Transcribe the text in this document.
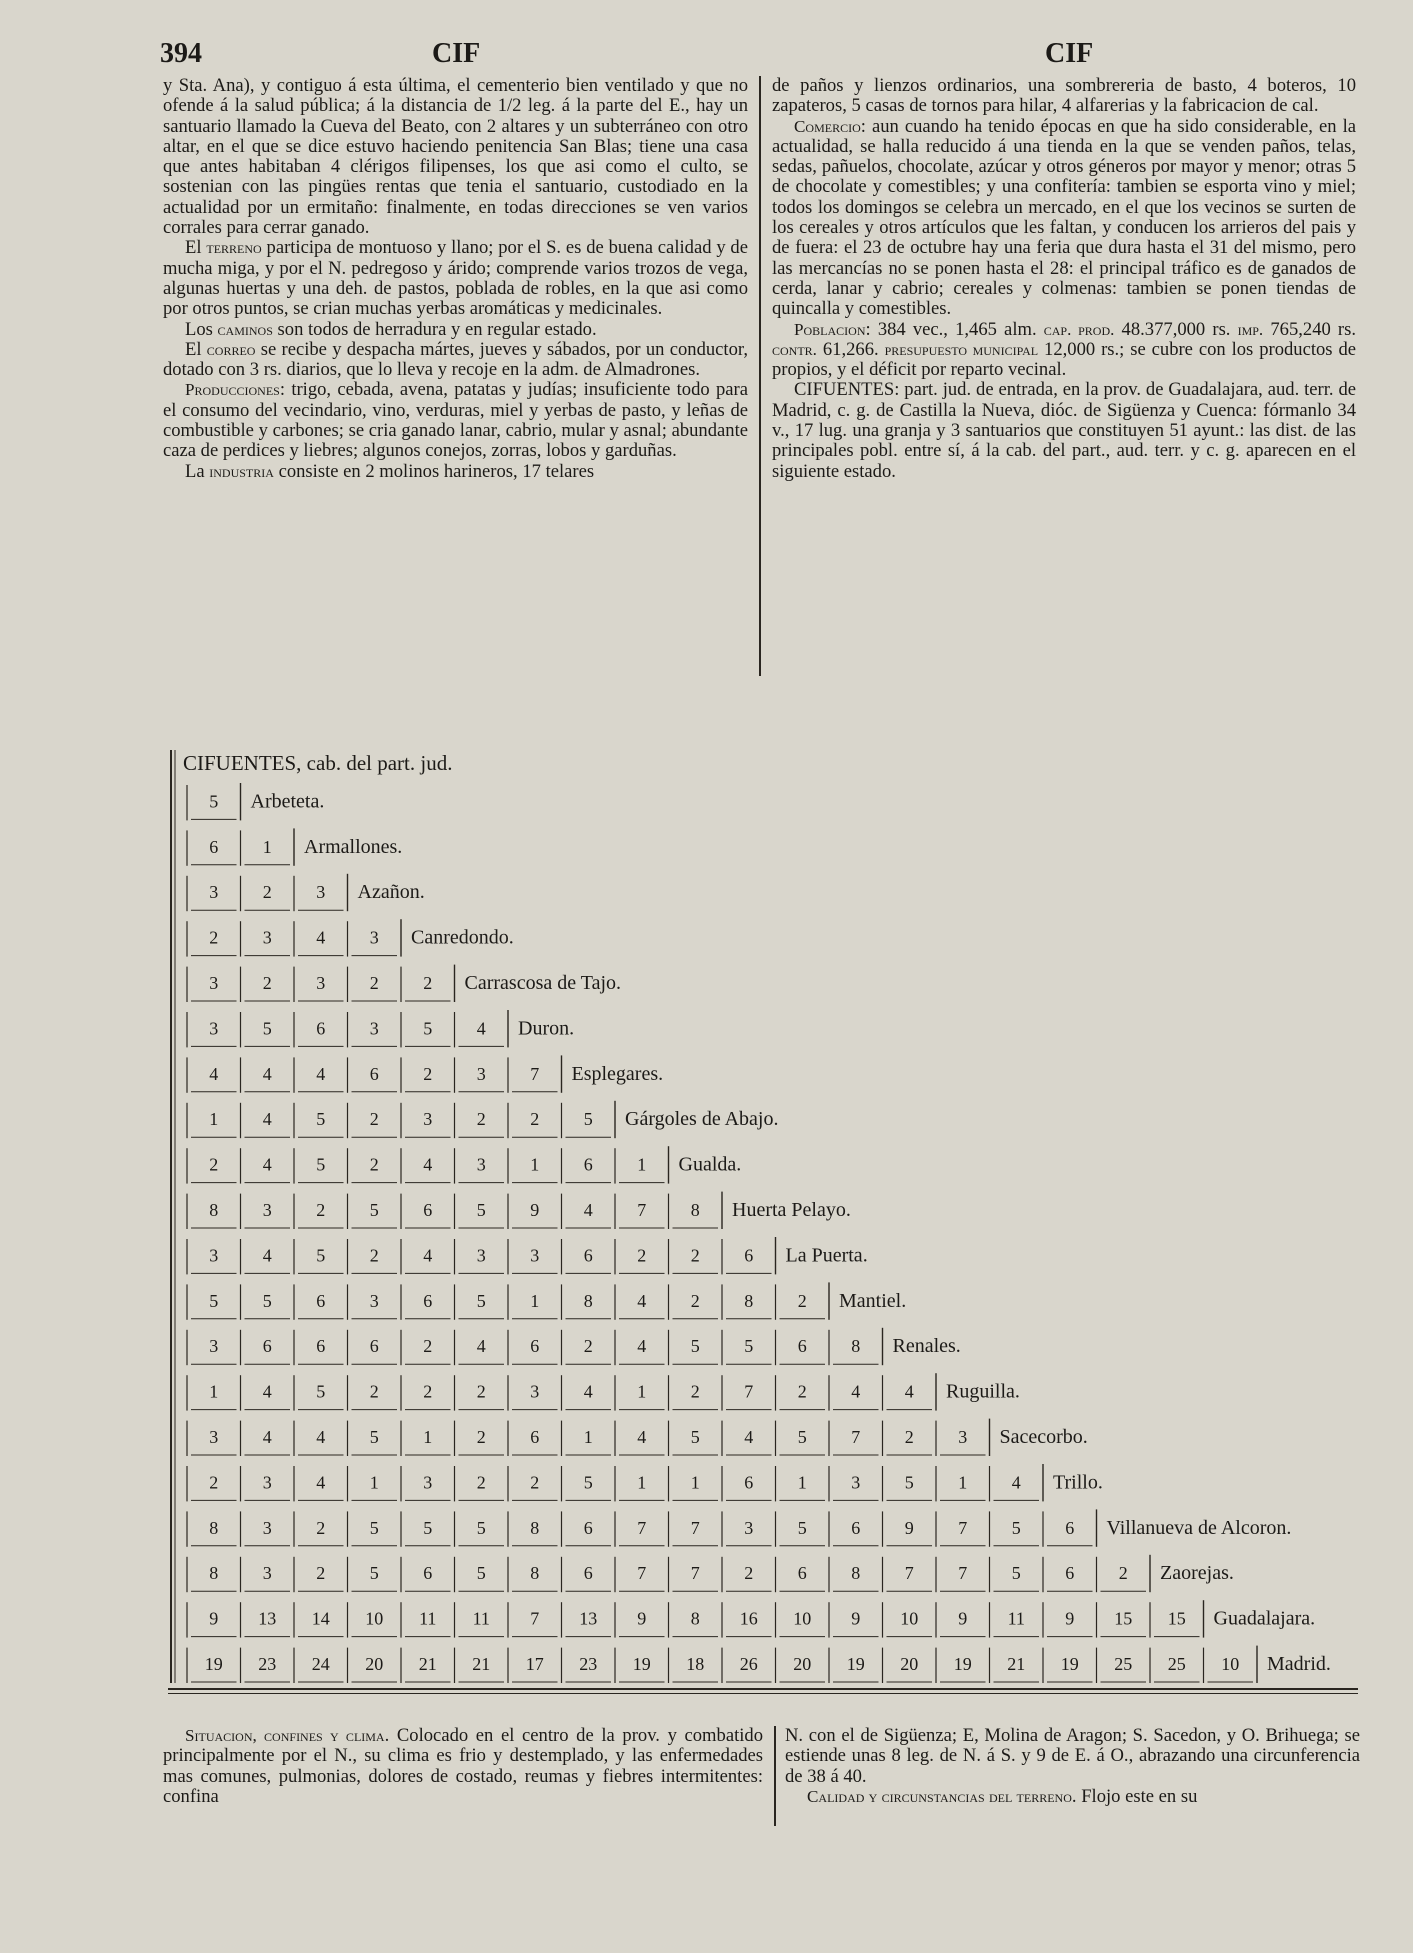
394	CIF	CIF

y Sta. Ana), y contiguo á esta última, el cementerio bien ventilado y que no ofende á la salud pública; á la distancia de 1/2 leg. á la parte del E., hay un santuario llamado la Cueva del Beato, con 2 altares y un subterráneo con otro altar, en el que se dice estuvo haciendo penitencia San Blas; tiene una casa que antes habitaban 4 clérigos filipenses, los que asi como el culto, se sostenian con las pingües rentas que tenia el santuario, custodiado en la actualidad por un ermitaño: finalmente, en todas direcciones se ven varios corrales para cerrar ganado.

El terreno participa de montuoso y llano; por el S. es de buena calidad y de mucha miga, y por el N. pedregoso y árido; comprende varios trozos de vega, algunas huertas y una deh. de pastos, poblada de robles, en la que asi como por otros puntos, se crian muchas yerbas aromáticas y medicinales.

Los caminos son todos de herradura y en regular estado.

El correo se recibe y despacha mártes, jueves y sábados, por un conductor, dotado con 3 rs. diarios, que lo lleva y recoje en la adm. de Almadrones.

Producciones: trigo, cebada, avena, patatas y judías; insuficiente todo para el consumo del vecindario, vino, verduras, miel y yerbas de pasto, y leñas de combustible y carbones; se cria ganado lanar, cabrio, mular y asnal; abundante caza de perdices y liebres; algunos conejos, zorras, lobos y garduñas.

La industria consiste en 2 molinos harineros, 17 telares

de paños y lienzos ordinarios, una sombrereria de basto, 4 boteros, 10 zapateros, 5 casas de tornos para hilar, 4 alfarerias y la fabricacion de cal.

Comercio: aun cuando ha tenido épocas en que ha sido considerable, en la actualidad, se halla reducido á una tienda en la que se venden paños, telas, sedas, pañuelos, chocolate, azúcar y otros géneros por mayor y menor; otras 5 de chocolate y comestibles; y una confitería: tambien se esporta vino y miel; todos los domingos se celebra un mercado, en el que los vecinos se surten de los cereales y otros artículos que les faltan, y conducen los arrieros del pais y de fuera: el 23 de octubre hay una feria que dura hasta el 31 del mismo, pero las mercancías no se ponen hasta el 28: el principal tráfico es de ganados de cerda, lanar y cabrio; cereales y colmenas: tambien se ponen tiendas de quincalla y comestibles.

Poblacion: 384 vec., 1,465 alm. cap. prod. 48.377,000 rs. imp. 765,240 rs. contr. 61,266. presupuesto municipal 12,000 rs.; se cubre con los productos de propios, y el déficit por reparto vecinal.

CIFUENTES: part. jud. de entrada, en la prov. de Guadalajara, aud. terr. de Madrid, c. g. de Castilla la Nueva, dióc. de Sigüenza y Cuenca: fórmanlo 34 v., 17 lug. una granja y 3 santuarios que constituyen 51 ayunt.: las dist. de las principales pobl. entre sí, á la cab. del part., aud. terr. y c. g. aparecen en el siguiente estado.

CIFUENTES, cab. del part. jud.
5 Arbeteta.
6 1 Armallones.
3 2 3 Azañon.
2 3 4 3 Canredondo.
3 2 3 2 2 Carrascosa de Tajo.
3 5 6 3 5 4 Duron.
4 4 4 6 2 3 7 Esplegares.
1 4 5 2 3 2 2 5 Gárgoles de Abajo.
2 4 5 2 4 3 1 6 1 Gualda.
8 3 2 5 6 5 9 4 7 8 Huerta Pelayo.
3 4 5 2 4 3 3 6 2 2 6 La Puerta.
5 5 6 3 6 5 1 8 4 2 8 2 Mantiel.
3 6 6 6 2 4 6 2 4 5 5 6 8 Renales.
1 4 5 2 2 2 3 4 1 2 7 2 4 4 Ruguilla.
3 4 4 5 1 2 6 1 4 5 4 5 7 2 3 Sacecorbo.
2 3 4 1 3 2 2 5 1 1 6 1 3 5 1 4 Trillo.
8 3 2 5 5 5 8 6 7 7 3 5 6 9 7 5 6 Villanueva de Alcoron.
8 3 2 5 6 5 8 6 7 7 2 6 8 7 7 5 6 2 Zaorejas.
9 13 14 10 11 11 7 13 9 8 16 10 9 10 9 11 9 15 15 Guadalajara.
19 23 24 20 21 21 17 23 19 18 26 20 19 20 19 21 19 25 25 10 Madrid.

Situacion, confines y clima. Colocado en el centro de la prov. y combatido principalmente por el N., su clima es frio y destemplado, y las enfermedades mas comunes, pulmonias, dolores de costado, reumas y fiebres intermitentes: confina

N. con el de Sigüenza; E, Molina de Aragon; S. Sacedon, y O. Brihuega; se estiende unas 8 leg. de N. á S. y 9 de E. á O., abrazando una circunferencia de 38 á 40.

Calidad y circunstancias del terreno. Flojo este en su
